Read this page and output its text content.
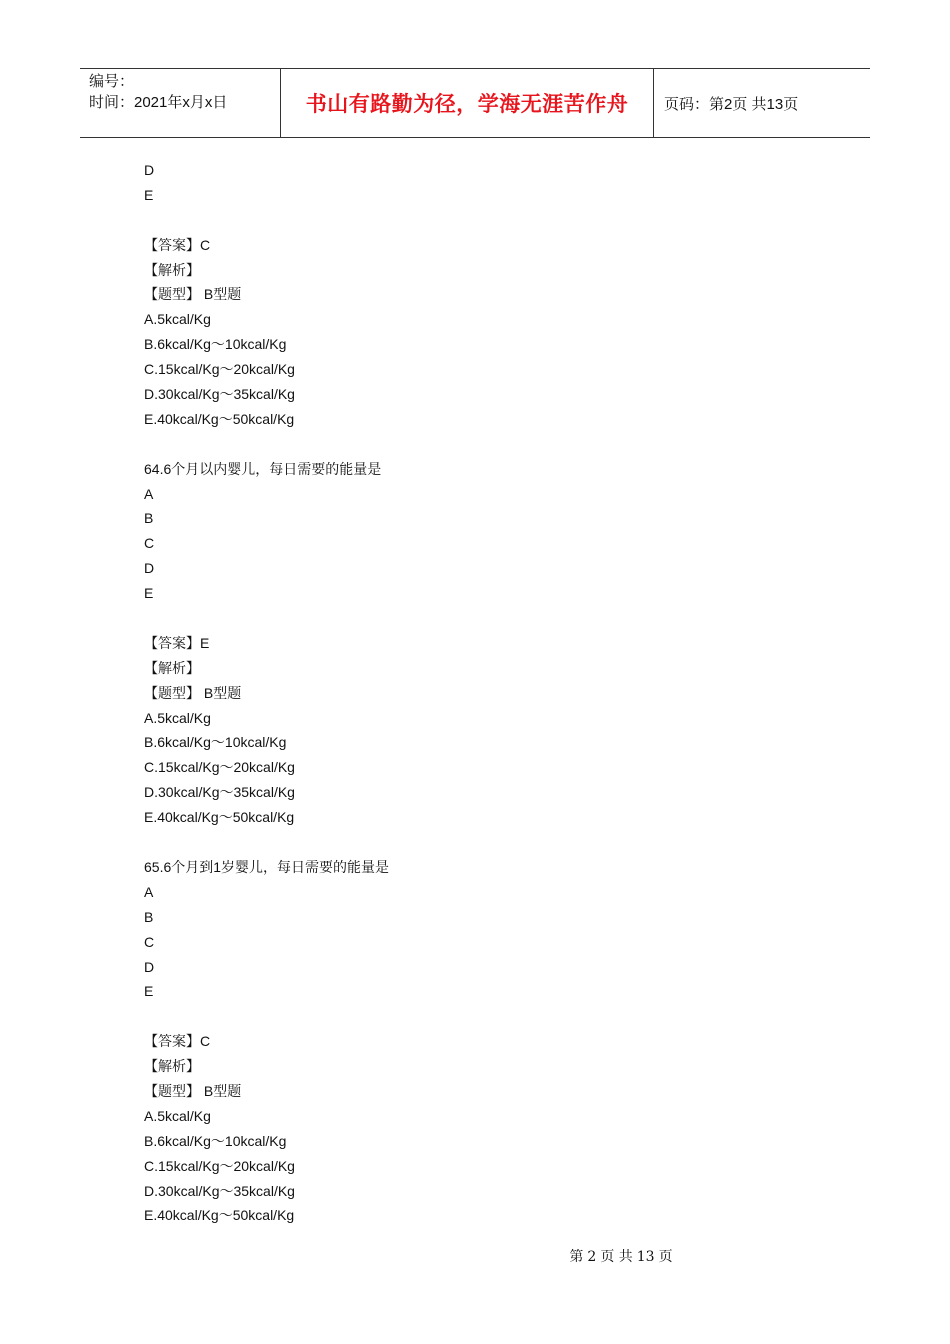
编号：
时间：2021年x月x日	书山有路勤为径，学海无涯苦作舟	页码：第2页 共13页
D
E
【答案】C
【解析】
【题型】 B型题
A.5kcal/Kg
B.6kcal/Kg～10kcal/Kg
C.15kcal/Kg～20kcal/Kg
D.30kcal/Kg～35kcal/Kg
E.40kcal/Kg～50kcal/Kg
64.6个月以内婴儿，每日需要的能量是
A
B
C
D
E
【答案】E
【解析】
【题型】 B型题
A.5kcal/Kg
B.6kcal/Kg～10kcal/Kg
C.15kcal/Kg～20kcal/Kg
D.30kcal/Kg～35kcal/Kg
E.40kcal/Kg～50kcal/Kg
65.6个月到1岁婴儿，每日需要的能量是
A
B
C
D
E
【答案】C
【解析】
【题型】 B型题
A.5kcal/Kg
B.6kcal/Kg～10kcal/Kg
C.15kcal/Kg～20kcal/Kg
D.30kcal/Kg～35kcal/Kg
E.40kcal/Kg～50kcal/Kg
第 2 页 共 13 页
